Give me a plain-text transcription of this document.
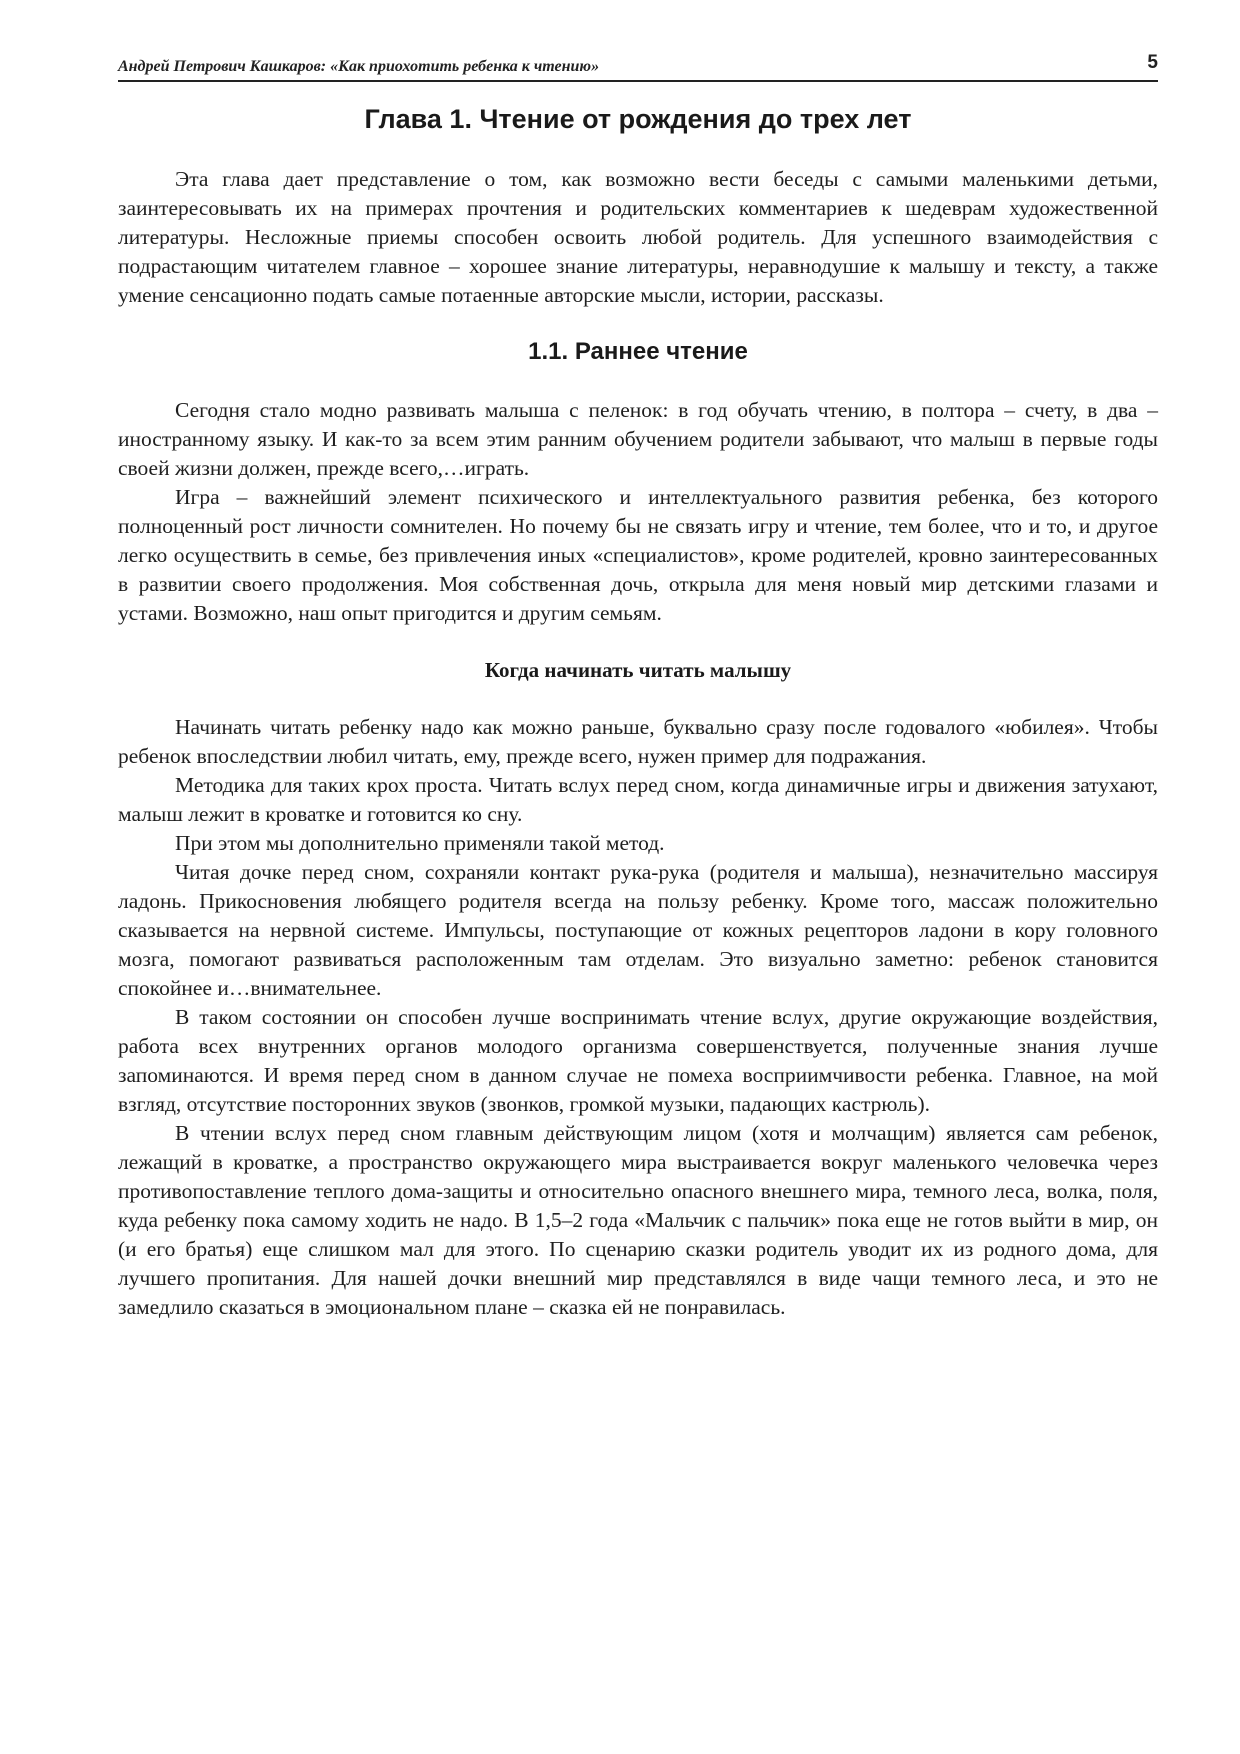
Андрей Петрович Кашкаров: «Как приохотить ребенка к чтению»	5
Глава 1. Чтение от рождения до трех лет

Эта глава дает представление о том, как возможно вести беседы с самыми маленькими детьми, заинтересовывать их на примерах прочтения и родительских комментариев к шедеврам художественной литературы. Несложные приемы способен освоить любой родитель. Для успешного взаимодействия с подрастающим читателем главное – хорошее знание литературы, неравнодушие к малышу и тексту, а также умение сенсационно подать самые потаенные авторские мысли, истории, рассказы.

1.1. Раннее чтение

Сегодня стало модно развивать малыша с пеленок: в год обучать чтению, в полтора – счету, в два – иностранному языку. И как-то за всем этим ранним обучением родители забывают, что малыш в первые годы своей жизни должен, прежде всего,…играть.

Игра – важнейший элемент психического и интеллектуального развития ребенка, без которого полноценный рост личности сомнителен. Но почему бы не связать игру и чтение, тем более, что и то, и другое легко осуществить в семье, без привлечения иных «специалистов», кроме родителей, кровно заинтересованных в развитии своего продолжения. Моя собственная дочь, открыла для меня новый мир детскими глазами и устами. Возможно, наш опыт пригодится и другим семьям.

Когда начинать читать малышу

Начинать читать ребенку надо как можно раньше, буквально сразу после годовалого «юбилея». Чтобы ребенок впоследствии любил читать, ему, прежде всего, нужен пример для подражания.

Методика для таких крох проста. Читать вслух перед сном, когда динамичные игры и движения затухают, малыш лежит в кроватке и готовится ко сну.

При этом мы дополнительно применяли такой метод.

Читая дочке перед сном, сохраняли контакт рука-рука (родителя и малыша), незначительно массируя ладонь. Прикосновения любящего родителя всегда на пользу ребенку. Кроме того, массаж положительно сказывается на нервной системе. Импульсы, поступающие от кожных рецепторов ладони в кору головного мозга, помогают развиваться расположенным там отделам. Это визуально заметно: ребенок становится спокойнее и…внимательнее.

В таком состоянии он способен лучше воспринимать чтение вслух, другие окружающие воздействия, работа всех внутренних органов молодого организма совершенствуется, полученные знания лучше запоминаются. И время перед сном в данном случае не помеха восприимчивости ребенка. Главное, на мой взгляд, отсутствие посторонних звуков (звонков, громкой музыки, падающих кастрюль).

В чтении вслух перед сном главным действующим лицом (хотя и молчащим) является сам ребенок, лежащий в кроватке, а пространство окружающего мира выстраивается вокруг маленького человечка через противопоставление теплого дома-защиты и относительно опасного внешнего мира, темного леса, волка, поля, куда ребенку пока самому ходить не надо. В 1,5–2 года «Мальчик с пальчик» пока еще не готов выйти в мир, он (и его братья) еще слишком мал для этого. По сценарию сказки родитель уводит их из родного дома, для лучшего пропитания. Для нашей дочки внешний мир представлялся в виде чащи темного леса, и это не замедлило сказаться в эмоциональном плане – сказка ей не понравилась.
